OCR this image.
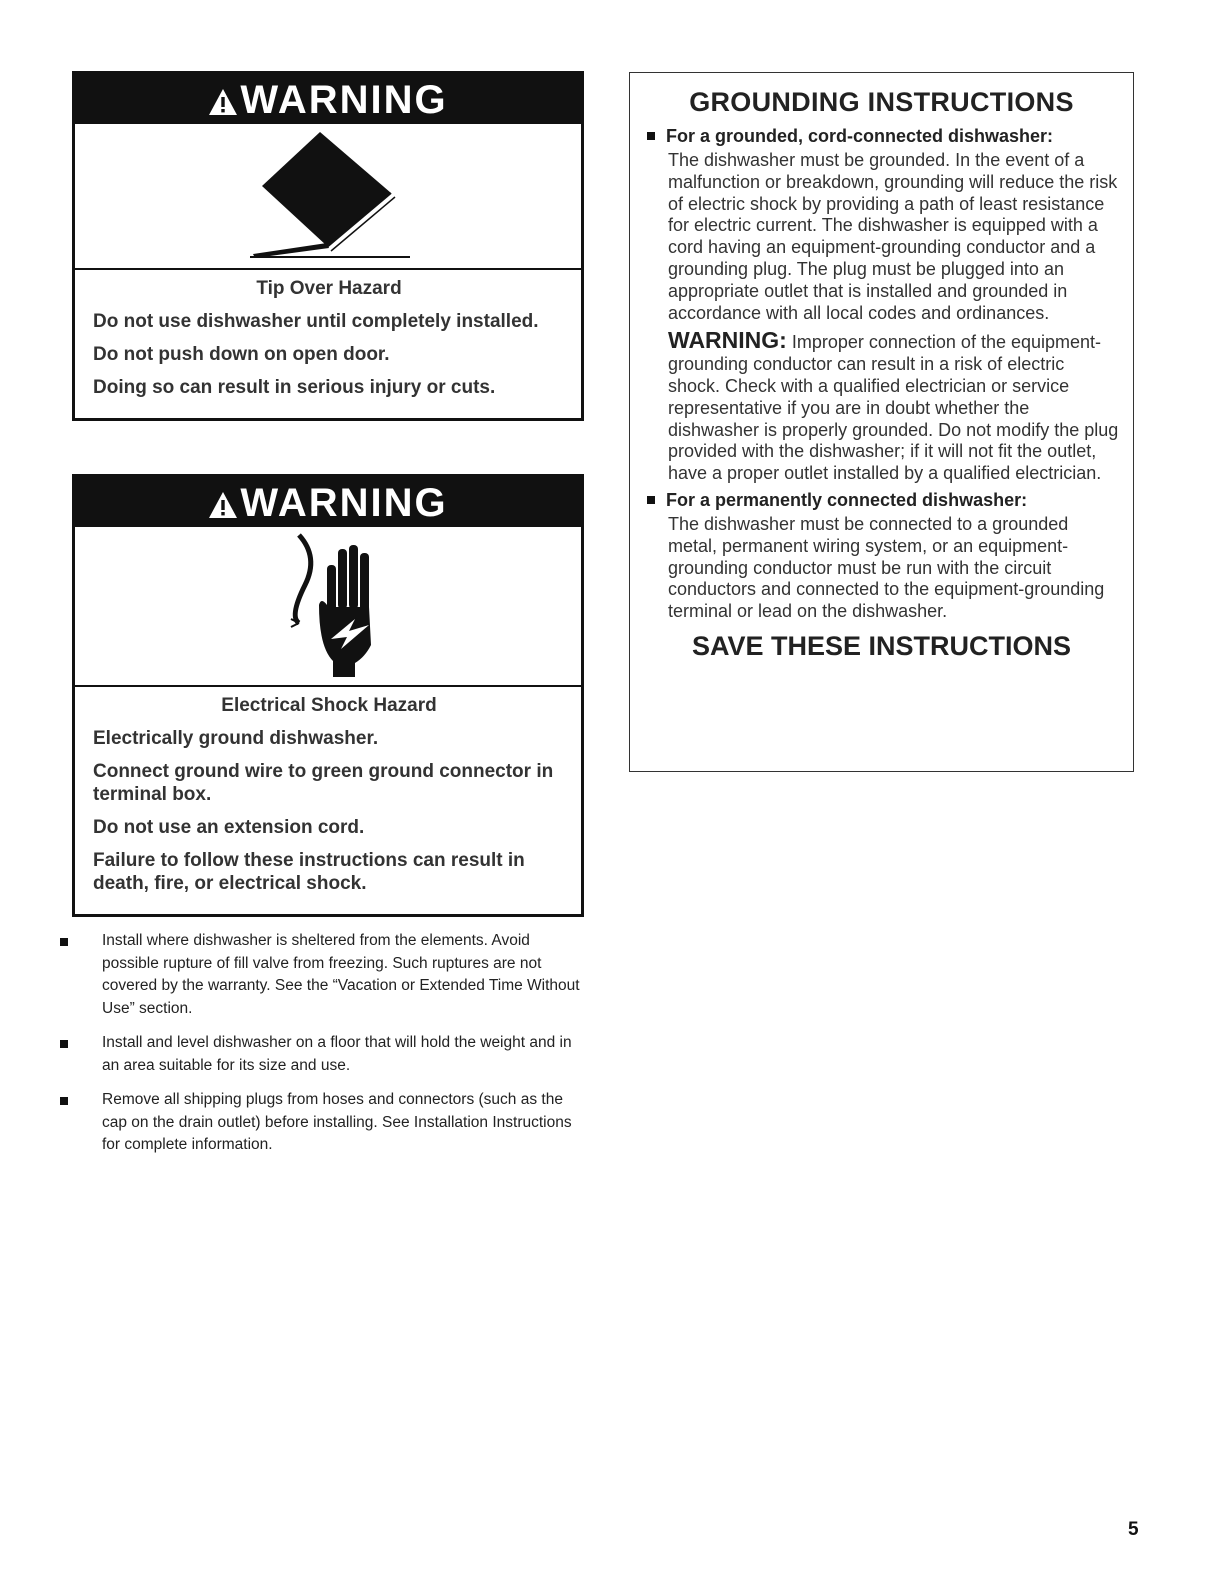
WARNING
Tip Over Hazard
Do not use dishwasher until completely installed.
Do not push down on open door.
Doing so can result in serious injury or cuts.
WARNING
Electrical Shock Hazard
Electrically ground dishwasher.
Connect ground wire to green ground connector in terminal box.
Do not use an extension cord.
Failure to follow these instructions can result in death, fire, or electrical shock.
Install where dishwasher is sheltered from the elements. Avoid possible rupture of fill valve from freezing. Such ruptures are not covered by the warranty. See the “Vacation or Extended Time Without Use” section.
Install and level dishwasher on a floor that will hold the weight and in an area suitable for its size and use.
Remove all shipping plugs from hoses and connectors (such as the cap on the drain outlet) before installing. See Installation Instructions for complete information.
GROUNDING INSTRUCTIONS
For a grounded, cord-connected dishwasher:
The dishwasher must be grounded. In the event of a malfunction or breakdown, grounding will reduce the risk of electric shock by providing a path of least resistance for electric current. The dishwasher is equipped with a cord having an equipment-grounding conductor and a grounding plug. The plug must be plugged into an appropriate outlet that is installed and grounded in accordance with all local codes and ordinances.
WARNING: Improper connection of the equipment-grounding conductor can result in a risk of electric shock. Check with a qualified electrician or service representative if you are in doubt whether the dishwasher is properly grounded. Do not modify the plug provided with the dishwasher; if it will not fit the outlet, have a proper outlet installed by a qualified electrician.
For a permanently connected dishwasher:
The dishwasher must be connected to a grounded metal, permanent wiring system, or an equipment-grounding conductor must be run with the circuit conductors and connected to the equipment-grounding terminal or lead on the dishwasher.
SAVE THESE INSTRUCTIONS
5
